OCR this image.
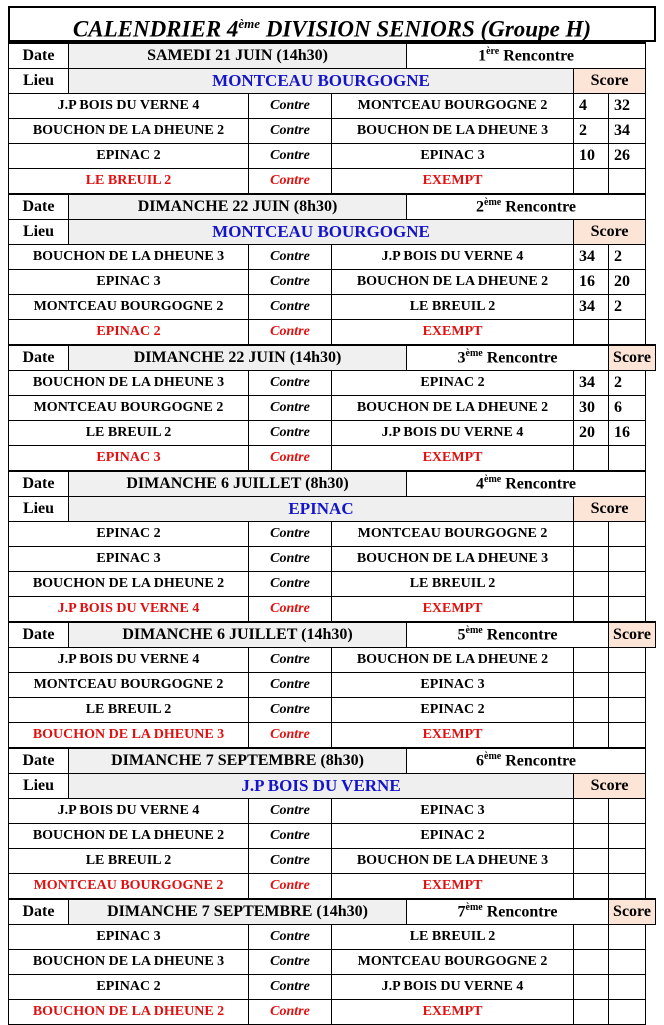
CALENDRIER 4ème DIVISION SENIORS (Groupe H)
Date	SAMEDI 21 JUIN (14h30)			1ère Rencontre		
Lieu	MONTCEAU BOURGOGNE				Score	
J.P BOIS DU VERNE 4		Contre	MONTCEAU BOURGOGNE 2		4	32
BOUCHON DE LA DHEUNE 2		Contre	BOUCHON DE LA DHEUNE 3		2	34
EPINAC 2		Contre	EPINAC 3		10	26
LE BREUIL 2		Contre	EXEMPT			
Date	DIMANCHE 22 JUIN (8h30)			2ème Rencontre		
Lieu	MONTCEAU BOURGOGNE				Score	
BOUCHON DE LA DHEUNE 3		Contre	J.P BOIS DU VERNE 4		34	2
EPINAC 3		Contre	BOUCHON DE LA DHEUNE 2		16	20
MONTCEAU BOURGOGNE 2		Contre	LE BREUIL 2		34	2
EPINAC 2		Contre	EXEMPT			
Date	DIMANCHE 22 JUIN (14h30)			3ème Rencontre		Score
BOUCHON DE LA DHEUNE 3		Contre	EPINAC 2		34	2
MONTCEAU BOURGOGNE 2		Contre	BOUCHON DE LA DHEUNE 2		30	6
LE BREUIL 2		Contre	J.P BOIS DU VERNE 4		20	16
EPINAC 3		Contre	EXEMPT			
Date	DIMANCHE 6 JUILLET (8h30)			4ème Rencontre		
Lieu	EPINAC				Score	
EPINAC 2		Contre	MONTCEAU BOURGOGNE 2			
EPINAC 3		Contre	BOUCHON DE LA DHEUNE 3			
BOUCHON DE LA DHEUNE 2		Contre	LE BREUIL 2			
J.P BOIS DU VERNE 4		Contre	EXEMPT			
Date	DIMANCHE 6 JUILLET (14h30)			5ème Rencontre		Score
J.P BOIS DU VERNE 4		Contre	BOUCHON DE LA DHEUNE 2			
MONTCEAU BOURGOGNE 2		Contre	EPINAC 3			
LE BREUIL 2		Contre	EPINAC 2			
BOUCHON DE LA DHEUNE 3		Contre	EXEMPT			
Date	DIMANCHE 7 SEPTEMBRE (8h30)			6ème Rencontre		
Lieu	J.P BOIS DU VERNE				Score	
J.P BOIS DU VERNE 4		Contre	EPINAC 3			
BOUCHON DE LA DHEUNE 2		Contre	EPINAC 2			
LE BREUIL 2		Contre	BOUCHON DE LA DHEUNE 3			
MONTCEAU BOURGOGNE 2		Contre	EXEMPT			
Date	DIMANCHE 7 SEPTEMBRE (14h30)			7ème Rencontre		Score
EPINAC 3		Contre	LE BREUIL 2			
BOUCHON DE LA DHEUNE 3		Contre	MONTCEAU BOURGOGNE 2			
EPINAC 2		Contre	J.P BOIS DU VERNE 4			
BOUCHON DE LA DHEUNE 2		Contre	EXEMPT			
